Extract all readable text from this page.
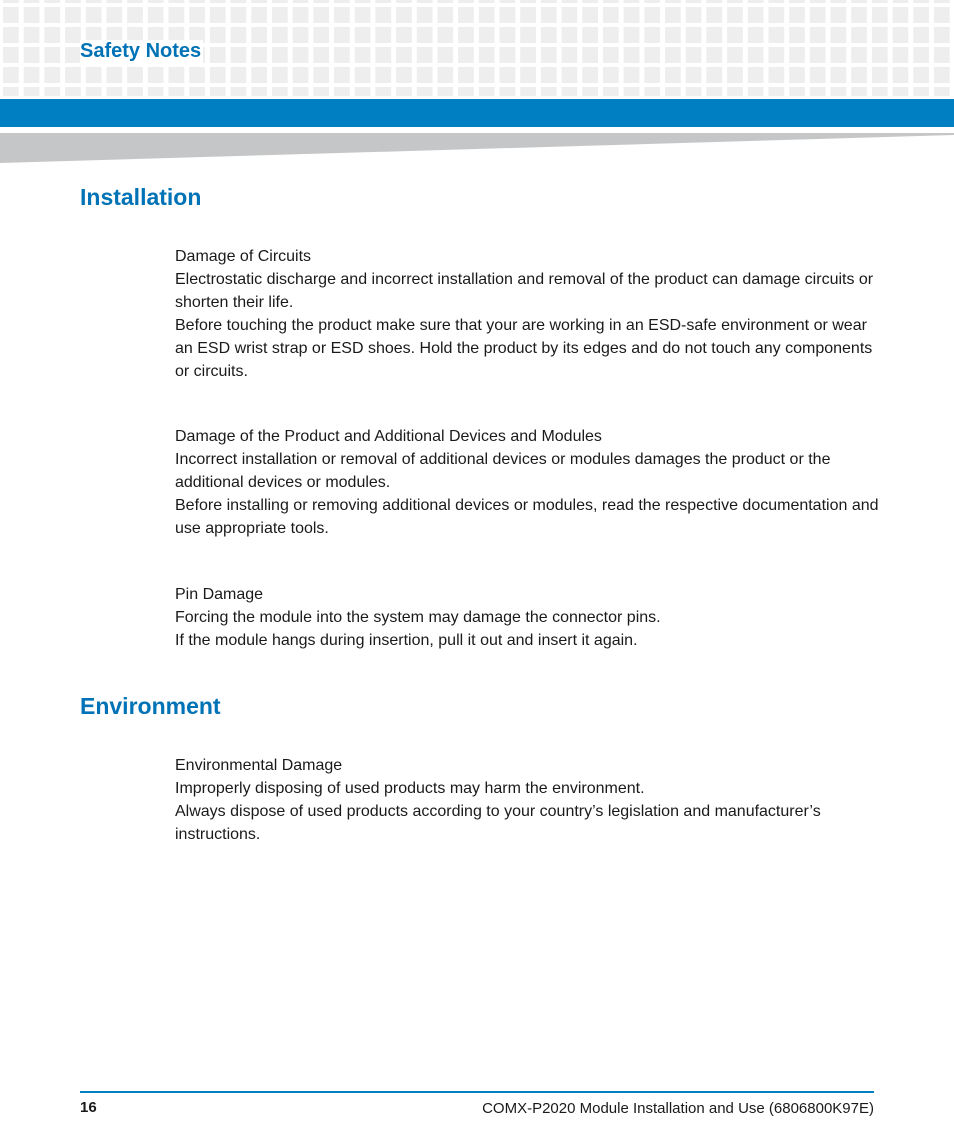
Safety Notes
Installation

Damage of Circuits

Electrostatic discharge and incorrect installation and removal of the product can damage circuits or shorten their life.

Before touching the product make sure that your are working in an ESD-safe environment or wear an ESD wrist strap or ESD shoes. Hold the product by its edges and do not touch any components or circuits.

Damage of the Product and Additional Devices and Modules

Incorrect installation or removal of additional devices or modules damages the product or the additional devices or modules.

Before installing or removing additional devices or modules, read the respective documentation and use appropriate tools.

Pin Damage

Forcing the module into the system may damage the connector pins.

If the module hangs during insertion, pull it out and insert it again.

Environment

Environmental Damage

Improperly disposing of used products may harm the environment.

Always dispose of used products according to your country’s legislation and manufacturer’s instructions.

16	COMX-P2020 Module Installation and Use (6806800K97E)
